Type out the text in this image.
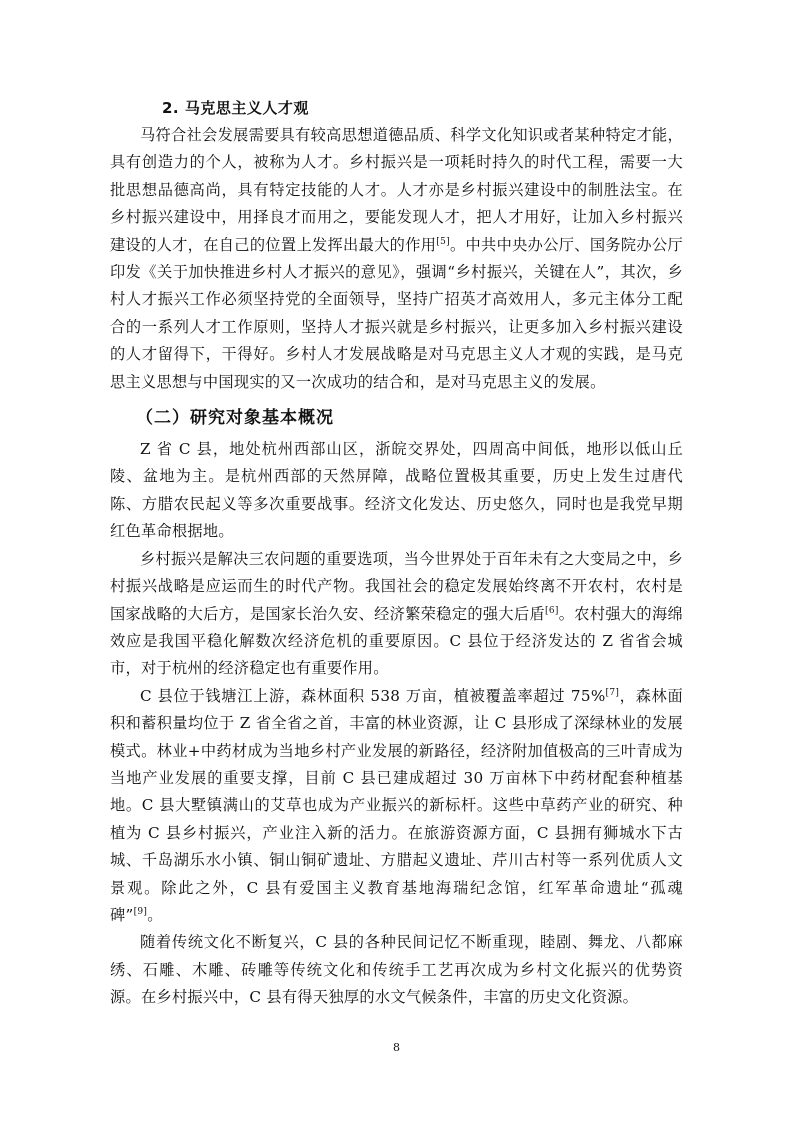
2. 马克思主义人才观

马符合社会发展需要具有较高思想道德品质、科学文化知识或者某种特定才能，具有创造力的个人，被称为人才。乡村振兴是一项耗时持久的时代工程，需要一大批思想品德高尚，具有特定技能的人才。人才亦是乡村振兴建设中的制胜法宝。在乡村振兴建设中，用择良才而用之，要能发现人才，把人才用好，让加入乡村振兴建设的人才，在自己的位置上发挥出最大的作用[5]。中共中央办公厅、国务院办公厅印发《关于加快推进乡村人才振兴的意见》，强调“乡村振兴，关键在人”，其次，乡村人才振兴工作必须坚持党的全面领导，坚持广招英才高效用人，多元主体分工配合的一系列人才工作原则，坚持人才振兴就是乡村振兴，让更多加入乡村振兴建设的人才留得下，干得好。乡村人才发展战略是对马克思主义人才观的实践，是马克思主义思想与中国现实的又一次成功的结合和，是对马克思主义的发展。

（二）研究对象基本概况

Z 省 C 县，地处杭州西部山区，浙皖交界处，四周高中间低，地形以低山丘陵、盆地为主。是杭州西部的天然屏障，战略位置极其重要，历史上发生过唐代陈、方腊农民起义等多次重要战事。经济文化发达、历史悠久，同时也是我党早期红色革命根据地。

乡村振兴是解决三农问题的重要选项，当今世界处于百年未有之大变局之中，乡村振兴战略是应运而生的时代产物。我国社会的稳定发展始终离不开农村，农村是国家战略的大后方，是国家长治久安、经济繁荣稳定的强大后盾[6]。农村强大的海绵效应是我国平稳化解数次经济危机的重要原因。C 县位于经济发达的 Z 省省会城市，对于杭州的经济稳定也有重要作用。

C 县位于钱塘江上游，森林面积 538 万亩，植被覆盖率超过 75%[7]，森林面积和蓄积量均位于 Z 省全省之首，丰富的林业资源，让 C 县形成了深绿林业的发展模式。林业+中药材成为当地乡村产业发展的新路径，经济附加值极高的三叶青成为当地产业发展的重要支撑，目前 C 县已建成超过 30 万亩林下中药材配套种植基地。C 县大墅镇满山的艾草也成为产业振兴的新标杆。这些中草药产业的研究、种植为 C 县乡村振兴，产业注入新的活力。在旅游资源方面，C 县拥有狮城水下古城、千岛湖乐水小镇、铜山铜矿遗址、方腊起义遗址、芹川古村等一系列优质人文景观。除此之外，C 县有爱国主义教育基地海瑞纪念馆，红军革命遗址“孤魂碑”[9]。

随着传统文化不断复兴，C 县的各种民间记忆不断重现，睦剧、舞龙、八都麻绣、石雕、木雕、砖雕等传统文化和传统手工艺再次成为乡村文化振兴的优势资源。在乡村振兴中，C 县有得天独厚的水文气候条件，丰富的历史文化资源。

8
